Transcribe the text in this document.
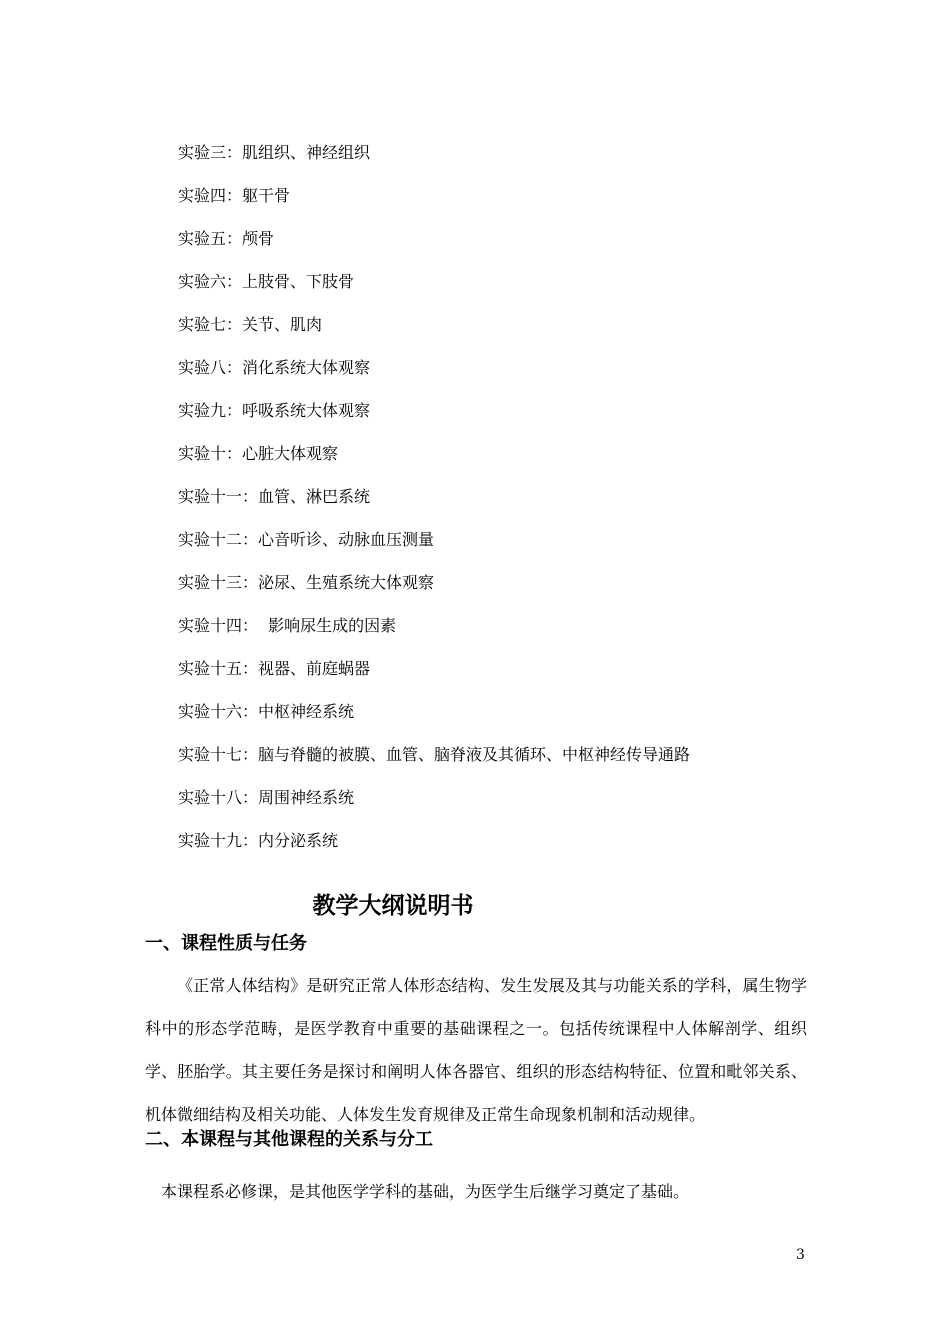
实验三：肌组织、神经组织
实验四：躯干骨
实验五：颅骨
实验六：上肢骨、下肢骨
实验七：关节、肌肉
实验八：消化系统大体观察
实验九：呼吸系统大体观察
实验十：心脏大体观察
实验十一：血管、淋巴系统
实验十二：心音听诊、动脉血压测量
实验十三：泌尿、生殖系统大体观察
实验十四：  影响尿生成的因素
实验十五：视器、前庭蜗器
实验十六：中枢神经系统
实验十七：脑与脊髓的被膜、血管、脑脊液及其循环、中枢神经传导通路
实验十八：周围神经系统
实验十九：内分泌系统
教学大纲说明书
一、课程性质与任务

《正常人体结构》是研究正常人体形态结构、发生发展及其与功能关系的学科，属生物学科中的形态学范畴，是医学教育中重要的基础课程之一。包括传统课程中人体解剖学、组织学、胚胎学。其主要任务是探讨和阐明人体各器官、组织的形态结构特征、位置和毗邻关系、机体微细结构及相关功能、人体发生发育规律及正常生命现象机制和活动规律。

二、本课程与其他课程的关系与分工

本课程系必修课，是其他医学学科的基础，为医学生后继学习奠定了基础。

3
